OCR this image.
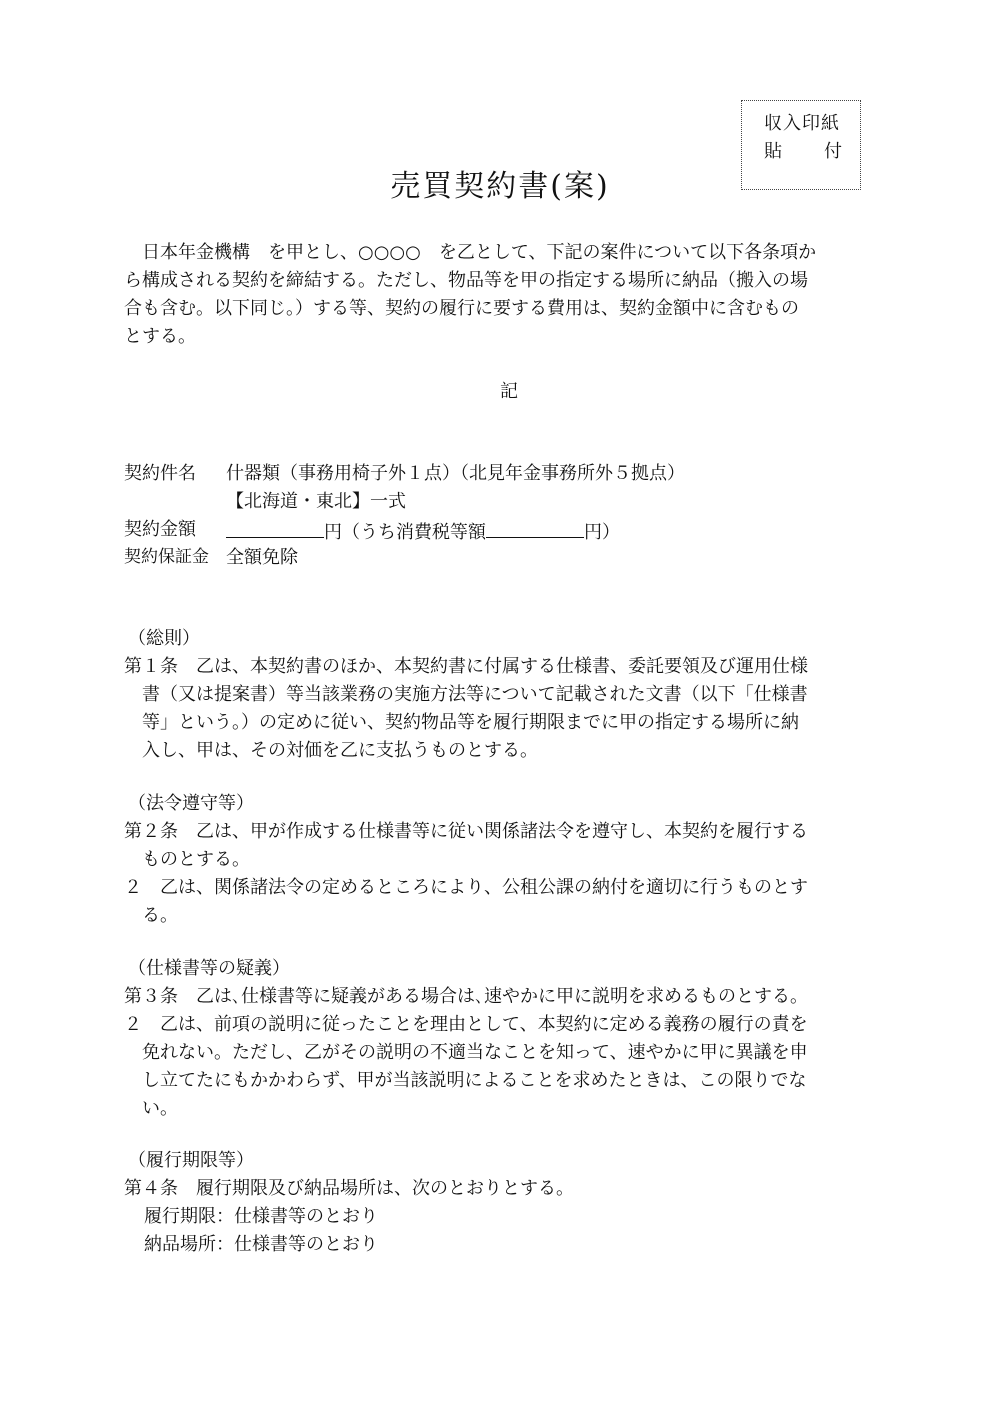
収入印紙
貼 付
売買契約書(案)
　日本年金機構　を甲とし、○○○○　を乙として、下記の案件について以下各条項か
ら構成される契約を締結する。ただし、物品等を甲の指定する場所に納品（搬入の場
合も含む。以下同じ。）する等、契約の履行に要する費用は、契約金額中に含むもの
とする。
記
契約件名 什器類（事務用椅子外１点）（北見年金事務所外５拠点）
【北海道・東北】一式
契約金額	円（うち消費税等額	円）
契約保証金 全額免除
（総則）
第１条　乙は、本契約書のほか、本契約書に付属する仕様書、委託要領及び運用仕様
書（又は提案書）等当該業務の実施方法等について記載された文書（以下「仕様書
等」という。）の定めに従い、契約物品等を履行期限までに甲の指定する場所に納
入し、甲は、その対価を乙に支払うものとする。
（法令遵守等）
第２条　乙は、甲が作成する仕様書等に従い関係諸法令を遵守し、本契約を履行する
ものとする。
２　乙は、関係諸法令の定めるところにより、公租公課の納付を適切に行うものとす
る。
（仕様書等の疑義）
第３条　乙は､仕様書等に疑義がある場合は､速やかに甲に説明を求めるものとする。
２　乙は、前項の説明に従ったことを理由として、本契約に定める義務の履行の責を
免れない。ただし、乙がその説明の不適当なことを知って、速やかに甲に異議を申
し立てたにもかかわらず、甲が当該説明によることを求めたときは、この限りでな
い。
（履行期限等）
第４条　履行期限及び納品場所は、次のとおりとする。
履行期限：仕様書等のとおり
納品場所：仕様書等のとおり
